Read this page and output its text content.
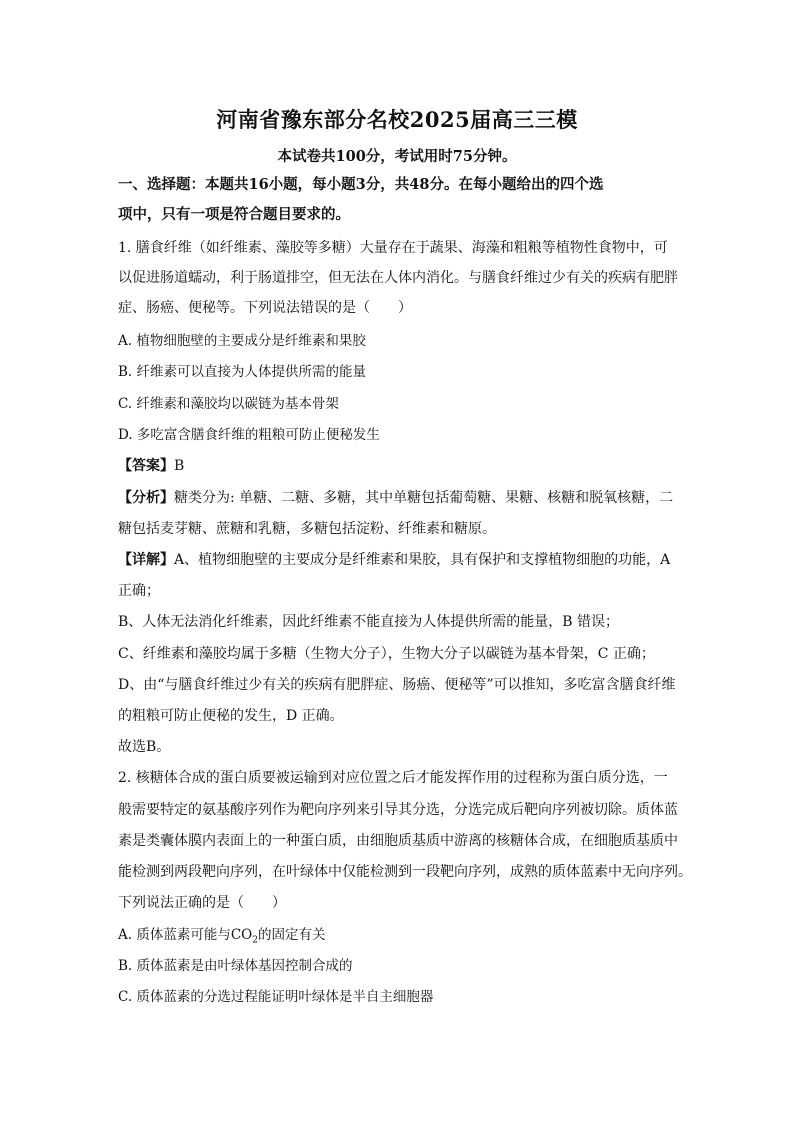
河南省豫东部分名校2025届高三三模
本试卷共100分，考试用时75分钟。
一、选择题：本题共16小题，每小题3分，共48分。在每小题给出的四个选
项中，只有一项是符合题目要求的。
1. 膳食纤维（如纤维素、藻胶等多糖）大量存在于蔬果、海藻和粗粮等植物性食物中，可
以促进肠道蠕动，利于肠道排空，但无法在人体内消化。与膳食纤维过少有关的疾病有肥胖
症、肠癌、便秘等。下列说法错误的是（　　）
A. 植物细胞壁的主要成分是纤维素和果胶
B. 纤维素可以直接为人体提供所需的能量
C. 纤维素和藻胶均以碳链为基本骨架
D. 多吃富含膳食纤维的粗粮可防止便秘发生
【答案】B
【分析】糖类分为: 单糖、二糖、多糖，其中单糖包括葡萄糖、果糖、核糖和脱氧核糖，二
糖包括麦芽糖、蔗糖和乳糖，多糖包括淀粉、纤维素和糖原。
【详解】A、植物细胞壁的主要成分是纤维素和果胶，具有保护和支撑植物细胞的功能，A
正确；
B、人体无法消化纤维素，因此纤维素不能直接为人体提供所需的能量，B 错误；
C、纤维素和藻胶均属于多糖（生物大分子），生物大分子以碳链为基本骨架，C 正确；
D、由“与膳食纤维过少有关的疾病有肥胖症、肠癌、便秘等”可以推知，多吃富含膳食纤维
的粗粮可防止便秘的发生，D 正确。
故选B。
2. 核糖体合成的蛋白质要被运输到对应位置之后才能发挥作用的过程称为蛋白质分选，一
般需要特定的氨基酸序列作为靶向序列来引导其分选，分选完成后靶向序列被切除。质体蓝
素是类囊体膜内表面上的一种蛋白质，由细胞质基质中游离的核糖体合成，在细胞质基质中
能检测到两段靶向序列，在叶绿体中仅能检测到一段靶向序列，成熟的质体蓝素中无向序列。
下列说法正确的是（　　）
A. 质体蓝素可能与$CO_2$的固定有关
B. 质体蓝素是由叶绿体基因控制合成的
C. 质体蓝素的分选过程能证明叶绿体是半自主细胞器
